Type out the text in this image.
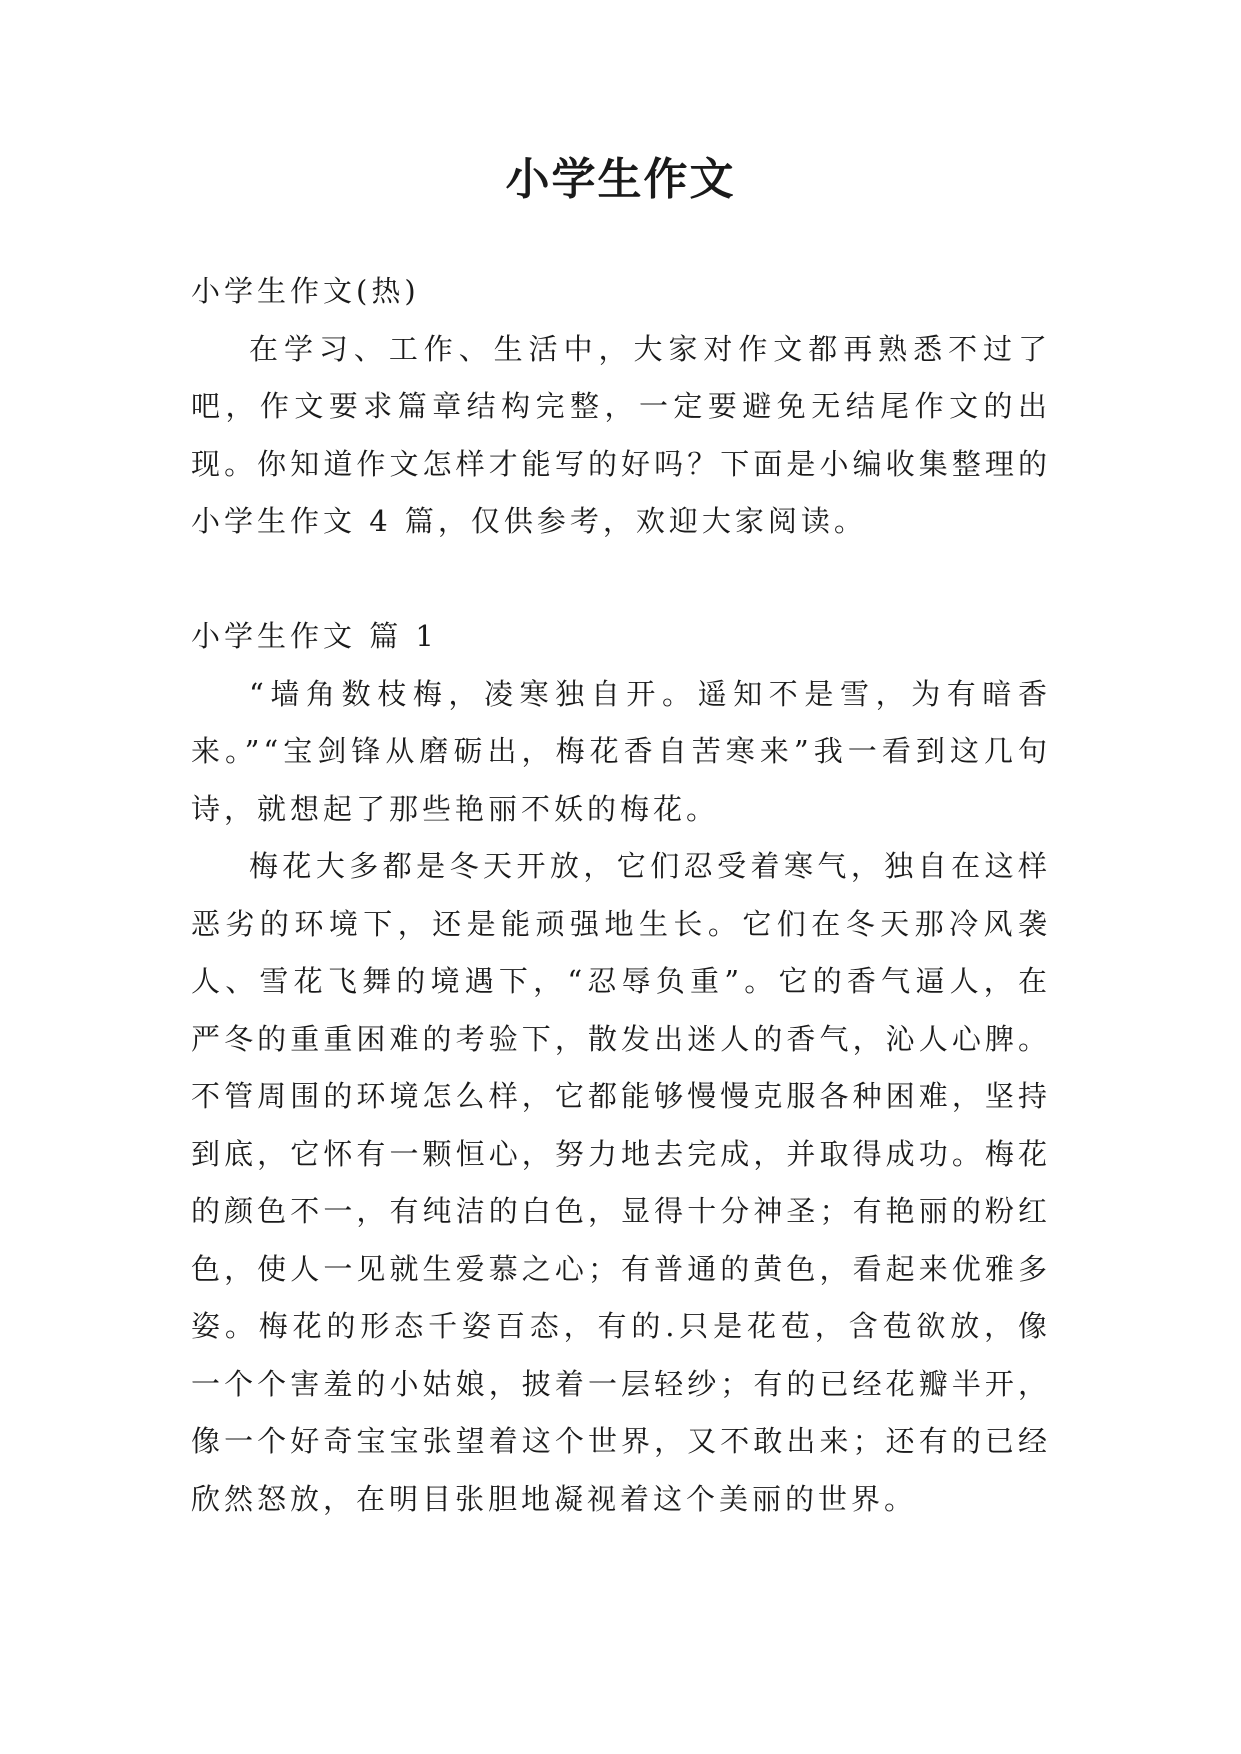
小学生作文

小学生作文(热)

在学习、工作、生活中，大家对作文都再熟悉不过了吧，作文要求篇章结构完整，一定要避免无结尾作文的出现。你知道作文怎样才能写的好吗？下面是小编收集整理的小学生作文 4 篇，仅供参考，欢迎大家阅读。

小学生作文 篇 1

“墙角数枝梅，凌寒独自开。遥知不是雪，为有暗香来。”“宝剑锋从磨砺出，梅花香自苦寒来”我一看到这几句诗，就想起了那些艳丽不妖的梅花。

梅花大多都是冬天开放，它们忍受着寒气，独自在这样恶劣的环境下，还是能顽强地生长。它们在冬天那冷风袭人、雪花飞舞的境遇下，“忍辱负重”。它的香气逼人，在严冬的重重困难的考验下，散发出迷人的香气，沁人心脾。不管周围的环境怎么样，它都能够慢慢克服各种困难，坚持到底，它怀有一颗恒心，努力地去完成，并取得成功。梅花的颜色不一，有纯洁的白色，显得十分神圣；有艳丽的粉红色，使人一见就生爱慕之心；有普通的黄色，看起来优雅多姿。梅花的形态千姿百态，有的.只是花苞，含苞欲放，像一个个害羞的小姑娘，披着一层轻纱；有的已经花瓣半开，像一个好奇宝宝张望着这个世界，又不敢出来；还有的已经欣然怒放，在明目张胆地凝视着这个美丽的世界。
